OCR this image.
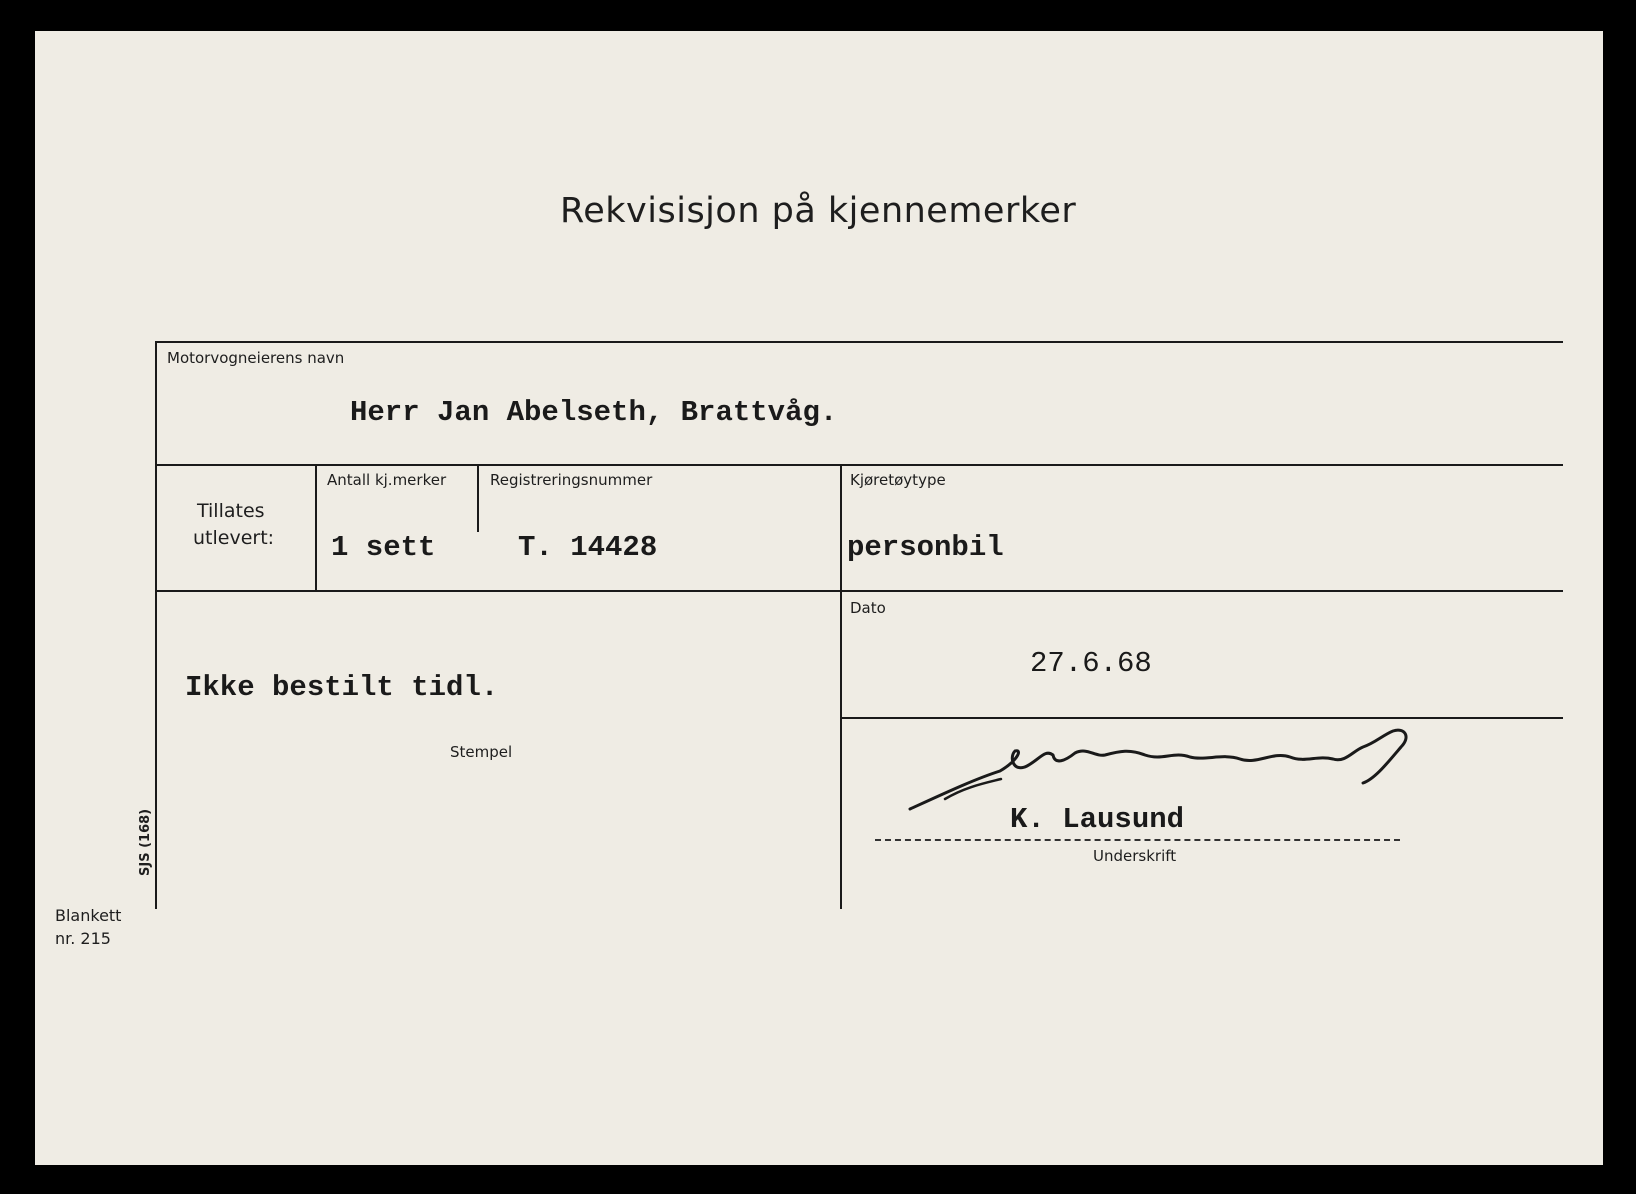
Rekvisisjon på kjennemerker
Motorvogneierens navn
Herr Jan Abelseth, Brattvåg.
Tillates
utlevert:
Antall kj.merker
1 sett
Registreringsnummer
T. 14428
Kjøretøytype
personbil
Ikke bestilt tidl.
Stempel
Dato
27.6.68
K. Lausund
Underskrift
SJS (168)
Blankett
nr. 215
